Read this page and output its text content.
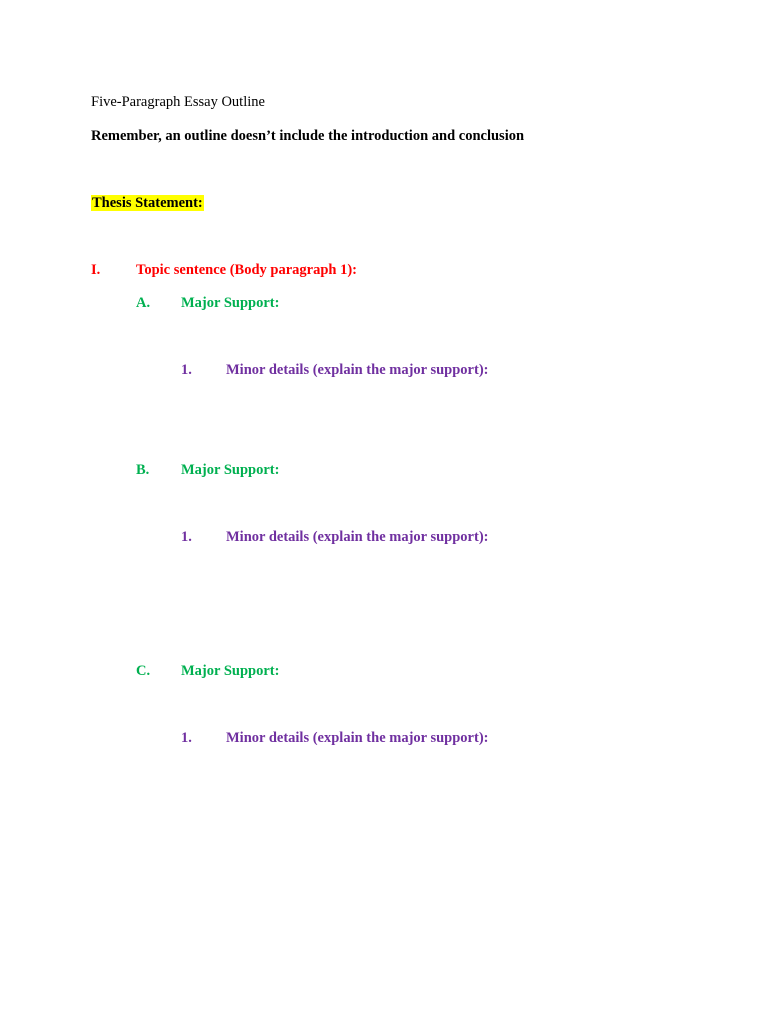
Five-Paragraph Essay Outline
Remember, an outline doesn’t include the introduction and conclusion
Thesis Statement:
I. Topic sentence (Body paragraph 1):
A. Major Support:
1. Minor details (explain the major support):
B. Major Support:
1. Minor details (explain the major support):
C. Major Support:
1. Minor details (explain the major support):
